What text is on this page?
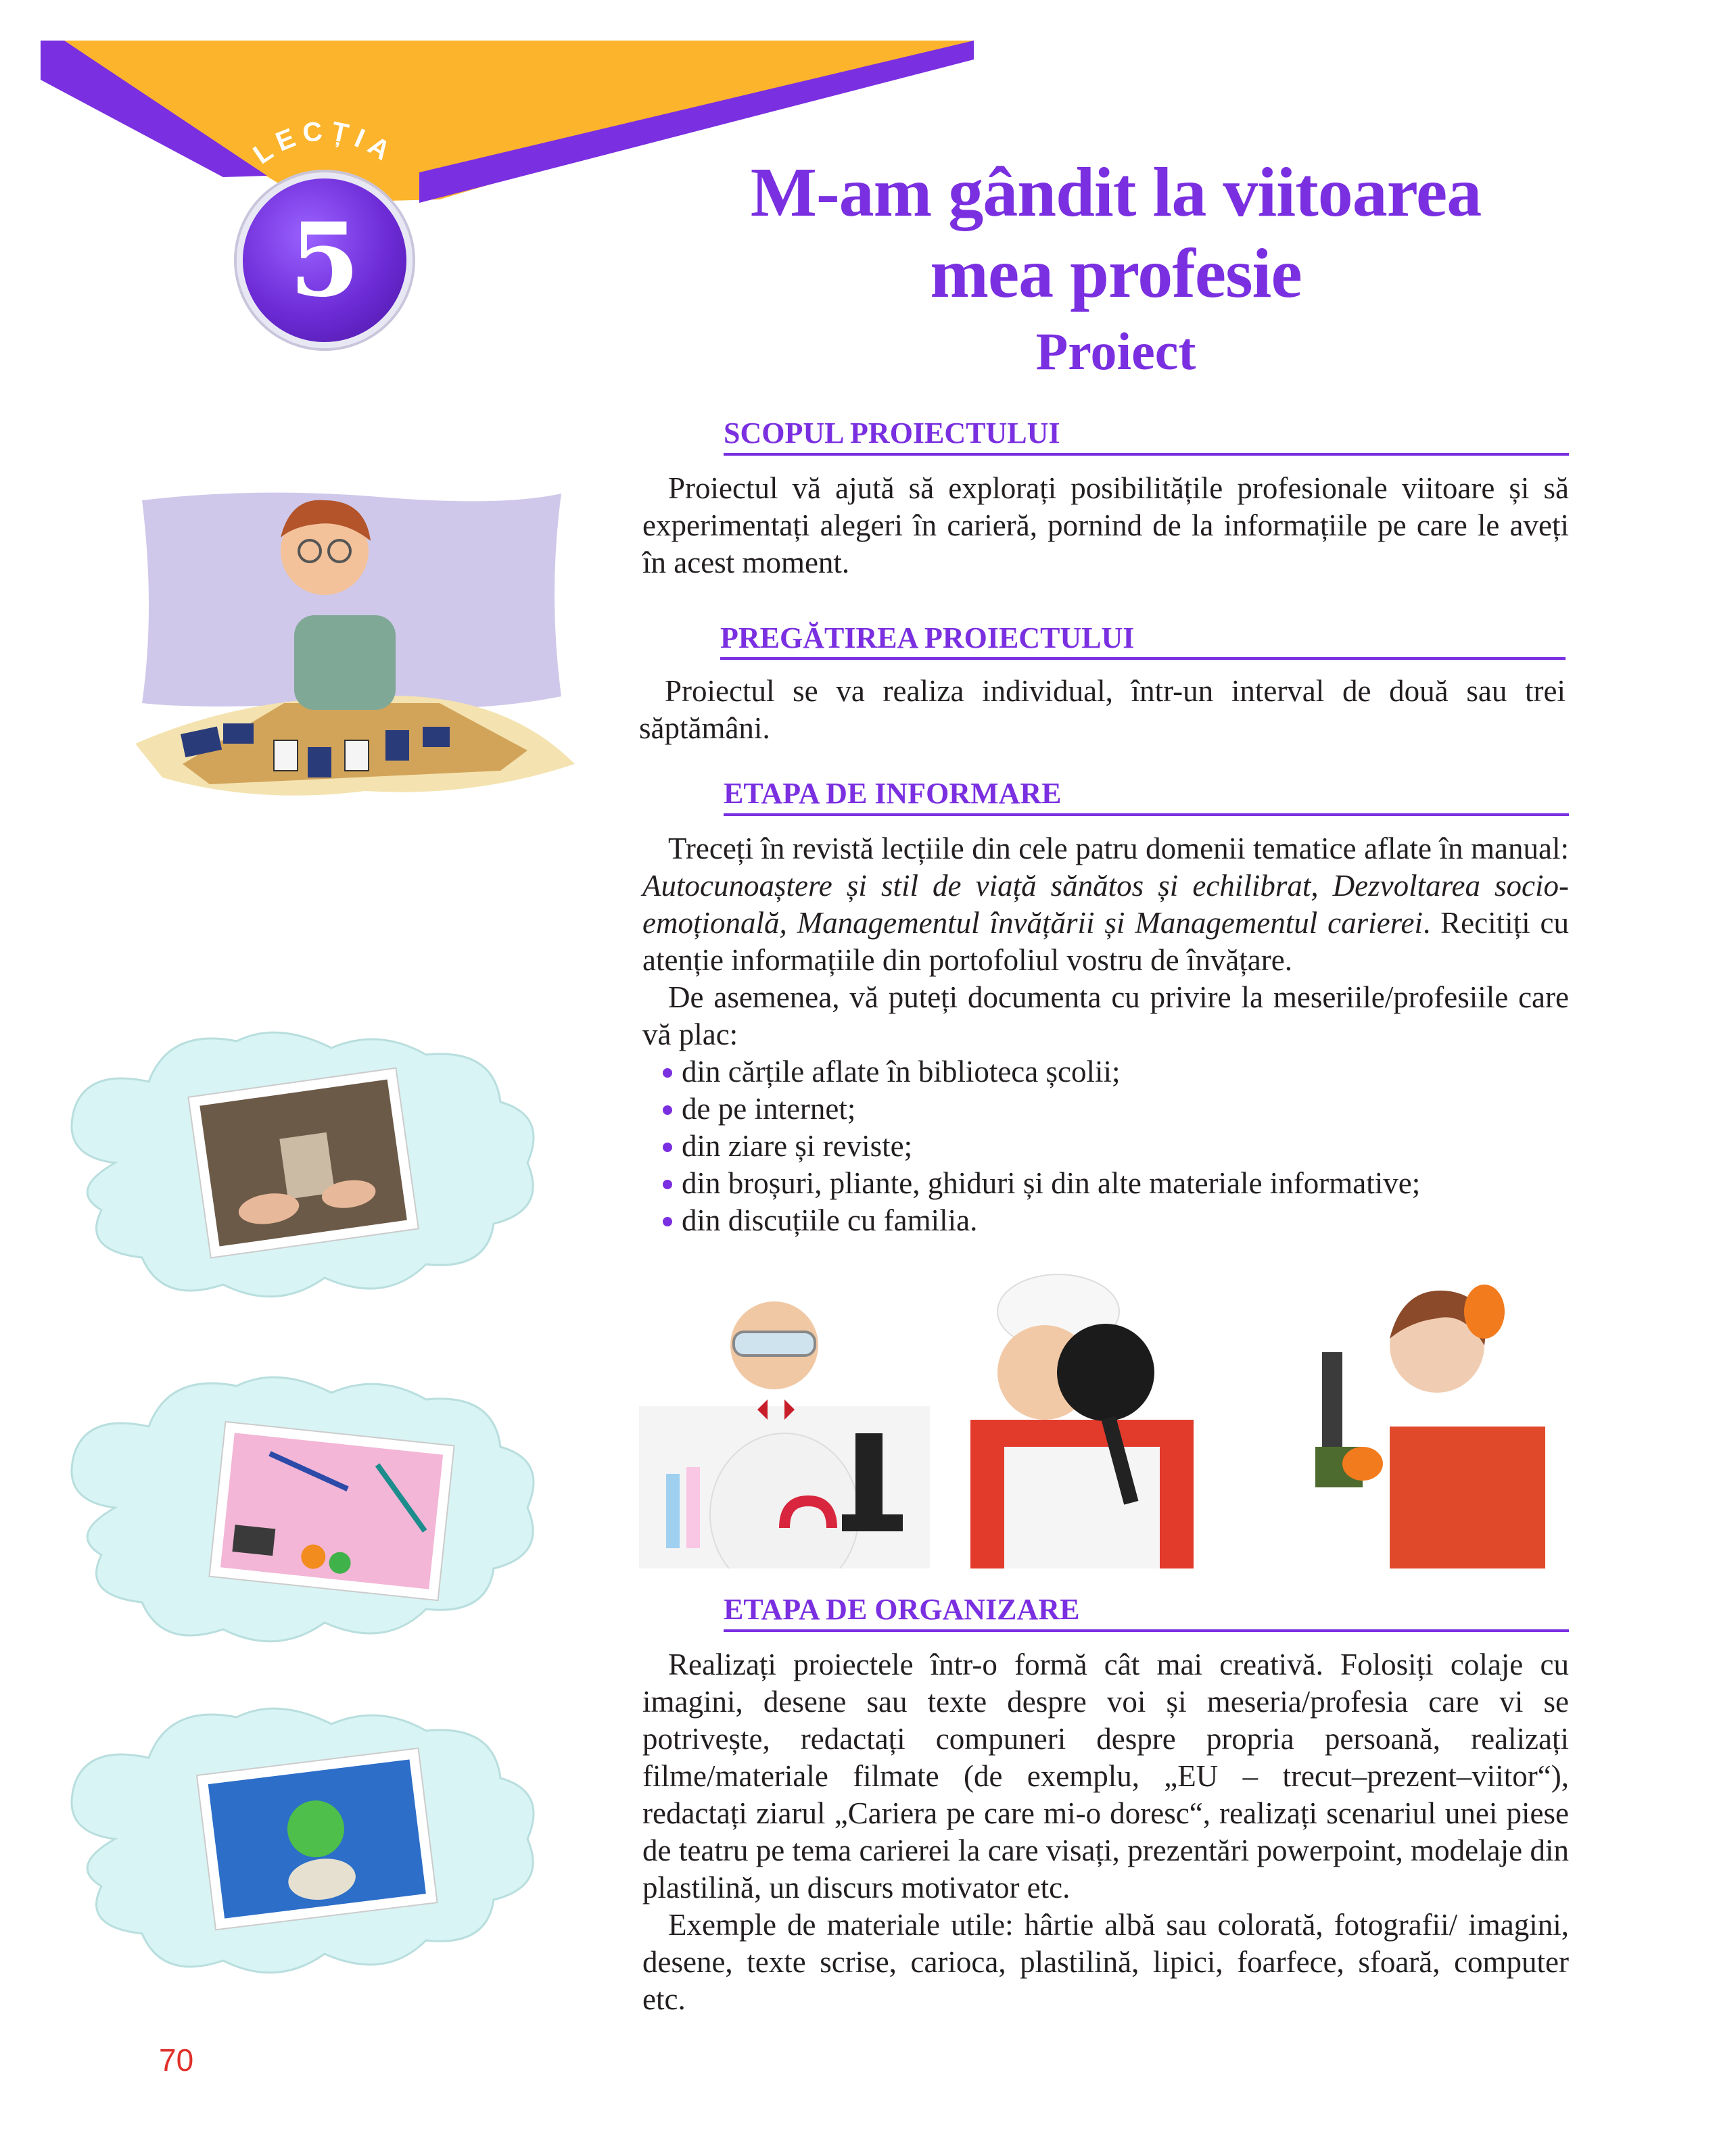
LECȚIA
5
M-am gândit la viitoarea
mea profesie
Proiect
SCOPUL PROIECTULUI
Proiectul vă ajută să explorați posibilitățile profesionale viitoare și să experimentați alegeri în carieră, pornind de la informațiile pe care le aveți în acest moment.
PREGĂTIREA PROIECTULUI
Proiectul se va realiza individual, într-un interval de două sau trei săptămâni.
ETAPA DE INFORMARE
Treceți în revistă lecțiile din cele patru domenii tematice aflate în manual: Autocunoaștere și stil de viață sănătos și echilibrat, Dezvoltarea socio-emoțională, Managementul învățării și Managementul carierei. Recitiți cu atenție informațiile din portofoliul vostru de învățare.
De asemenea, vă puteți documenta cu privire la meseriile/profesiile care vă plac:
din cărțile aflate în biblioteca școlii;
de pe internet;
din ziare și reviste;
din broșuri, pliante, ghiduri și din alte materiale informative;
din discuțiile cu familia.
ETAPA DE ORGANIZARE
Realizați proiectele într-o formă cât mai creativă. Folosiți colaje cu imagini, desene sau texte despre voi și meseria/profesia care vi se potrivește, redactați compuneri despre propria persoană, realizați filme/materiale filmate (de exemplu, „EU – trecut–prezent–viitor“), redactați ziarul „Cariera pe care mi-o doresc“, realizați scenariul unei piese de teatru pe tema carierei la care visați, prezentări powerpoint, modelaje din plastilină, un discurs motivator etc.
Exemple de materiale utile: hârtie albă sau colorată, fotografii/ imagini, desene, texte scrise, carioca, plastilină, lipici, foarfece, sfoară, computer etc.
70
